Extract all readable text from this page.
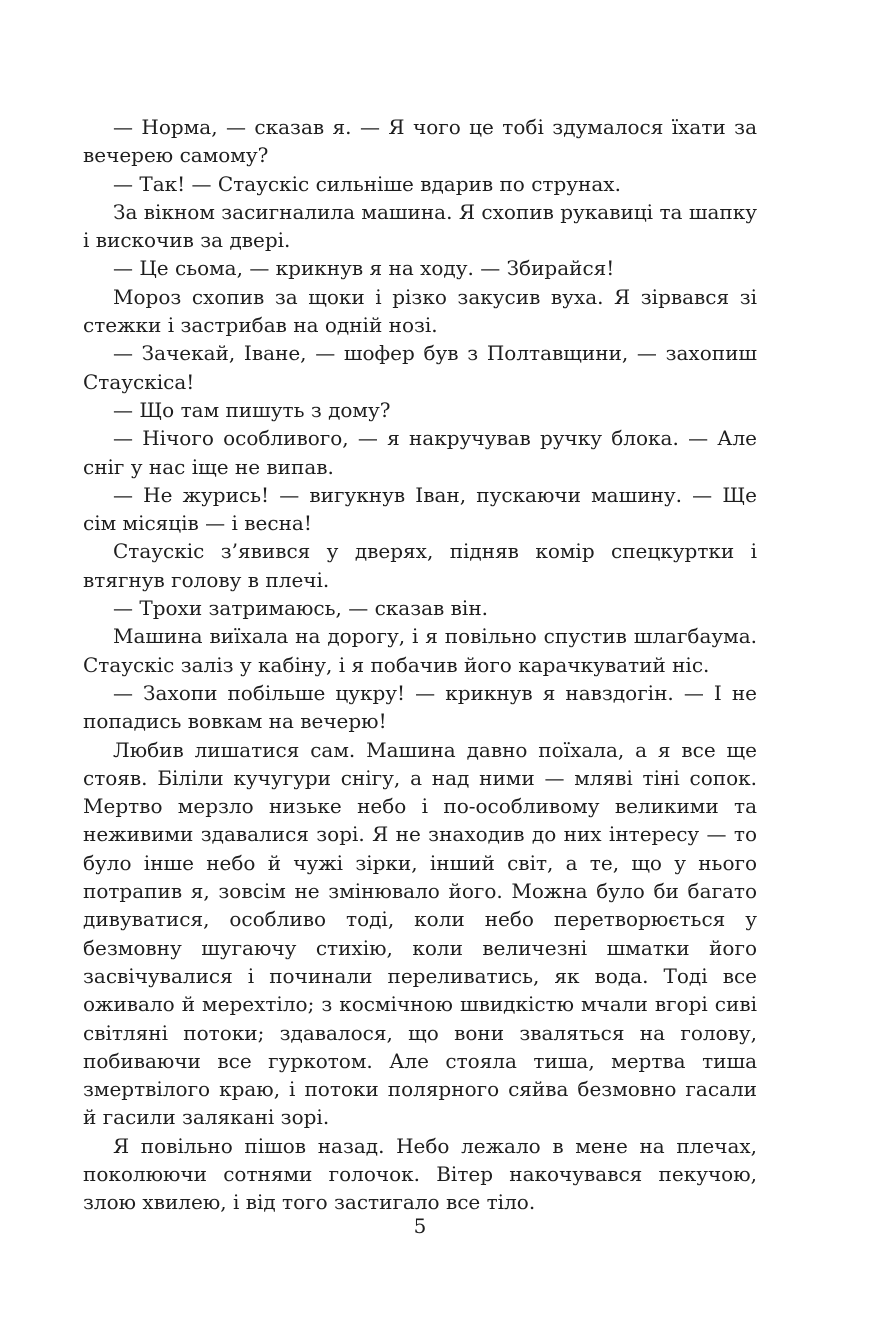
— Норма, — сказав я. — Я чого це тобі здумалося їхати за вечерею самому?

— Так! — Стаускіс сильніше вдарив по струнах.

За вікном засигналила машина. Я схопив рукавиці та шапку і вискочив за двері.

— Це сьома, — крикнув я на ходу. — Збирайся!

Мороз схопив за щоки і різко закусив вуха. Я зірвався зі стежки і застрибав на одній нозі.

— Зачекай, Іване, — шофер був з Полтавщини, — захопиш Стаускіса!

— Що там пишуть з дому?

— Нічого особливого, — я накручував ручку блока. — Але сніг у нас іще не випав.

— Не журись! — вигукнув Іван, пускаючи машину. — Ще сім місяців — і весна!

Стаускіс з’явився у дверях, підняв комір спецкуртки і втягнув голову в плечі.

— Трохи затримаюсь, — сказав він.

Машина виїхала на дорогу, і я повільно спустив шлагбаума. Стаускіс заліз у кабіну, і я побачив його карачкуватий ніс.

— Захопи побільше цукру! — крикнув я навздогін. — І не попадись вовкам на вечерю!

Любив лишатися сам. Машина давно поїхала, а я все ще стояв. Біліли кучугури снігу, а над ними — мляві тіні сопок. Мертво мерзло низьке небо і по-особливому великими та неживими здавалися зорі. Я не знаходив до них інтересу — то було інше небо й чужі зірки, інший світ, а те, що у нього потрапив я, зовсім не змінювало його. Можна було би багато дивуватися, особливо тоді, коли небо перетворюється у безмовну шугаючу стихію, коли величезні шматки його засвічувалися і починали переливатись, як вода. Тоді все оживало й мерехтіло; з космічною швидкістю мчали вгорі сиві світляні потоки; здавалося, що вони зваляться на голову, побиваючи все гуркотом. Але стояла тиша, мертва тиша змертвілого краю, і потоки полярного сяйва безмовно гасали й гасили залякані зорі.

Я повільно пішов назад. Небо лежало в мене на плечах, поколюючи сотнями голочок. Вітер накочувався пекучою, злою хвилею, і від того застигало все тіло.

5
